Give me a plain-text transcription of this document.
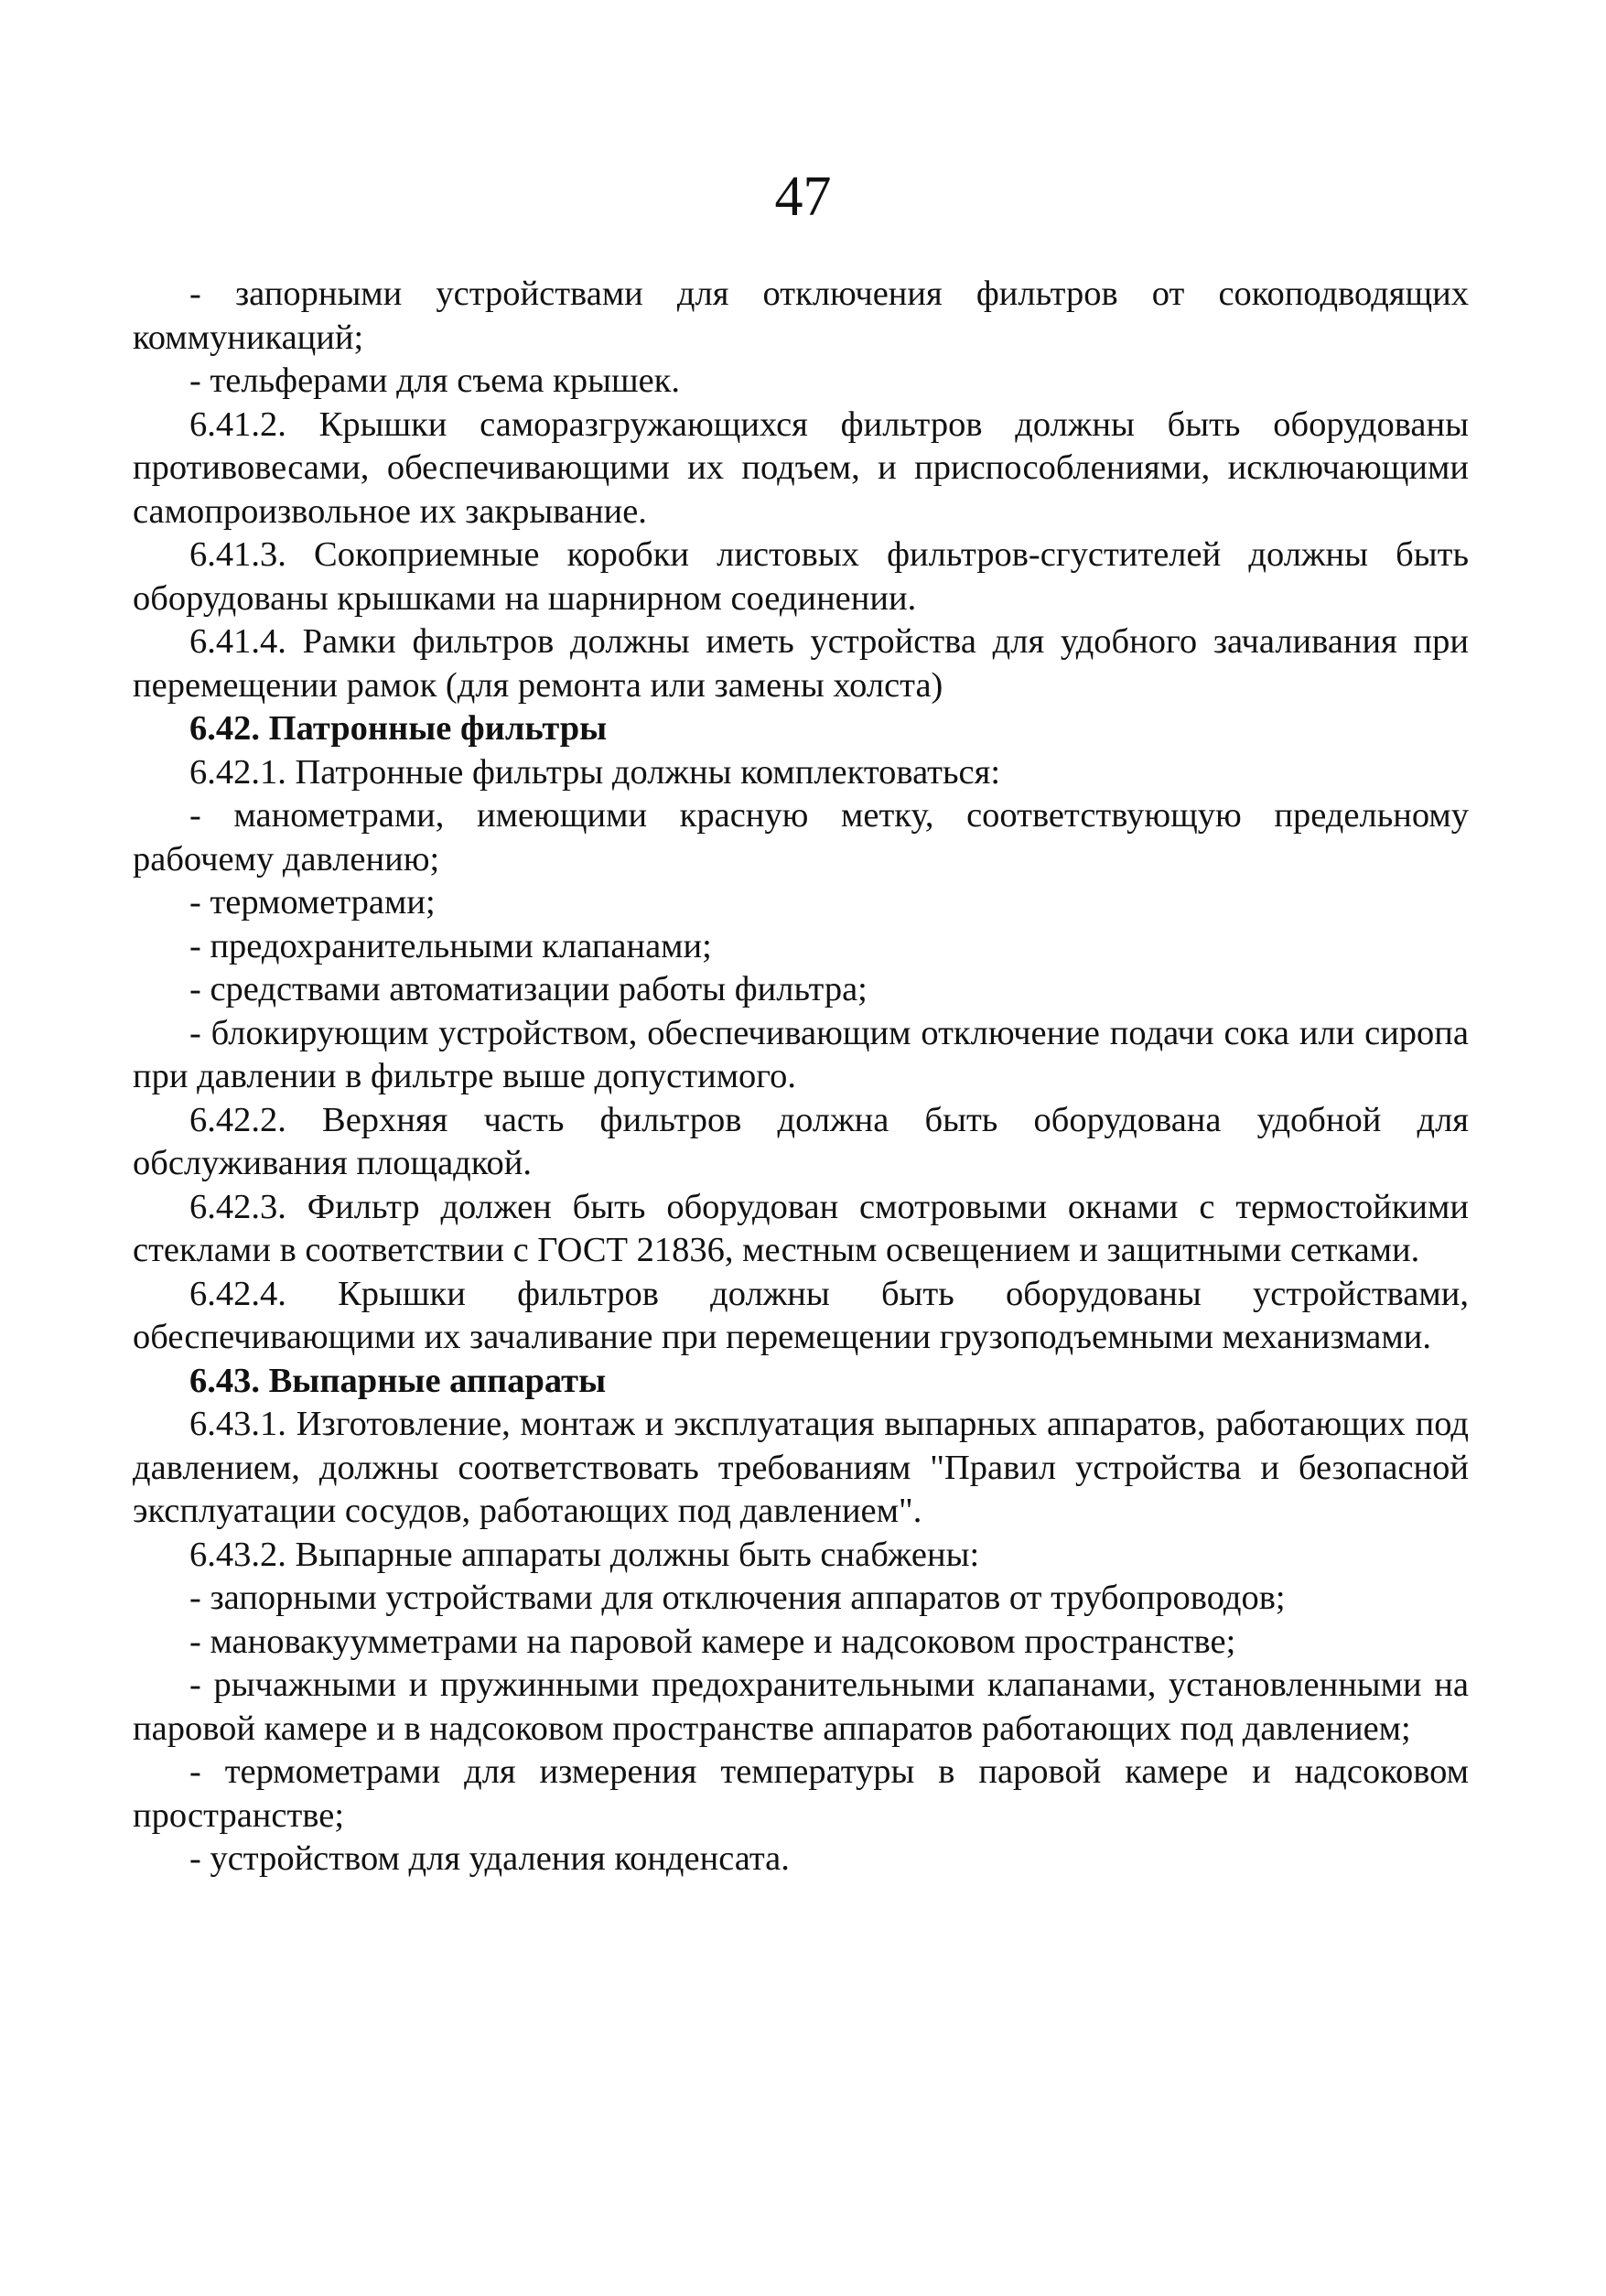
47

- запорными устройствами для отключения фильтров от сокоподводящих коммуникаций;

- тельферами для съема крышек.

6.41.2. Крышки саморазгружающихся фильтров должны быть оборудованы противовесами, обеспечивающими их подъем, и приспособлениями, исключающими самопроизвольное их закрывание.

6.41.3. Сокоприемные коробки листовых фильтров-сгустителей должны быть оборудованы крышками на шарнирном соединении.

6.41.4. Рамки фильтров должны иметь устройства для удобного зачаливания при перемещении рамок (для ремонта или замены холста)

6.42. Патронные фильтры

6.42.1. Патронные фильтры должны комплектоваться:

- манометрами, имеющими красную метку, соответствующую предельному рабочему давлению;

- термометрами;

- предохранительными клапанами;

- средствами автоматизации работы фильтра;

- блокирующим устройством, обеспечивающим отключение подачи сока или сиропа при давлении в фильтре выше допустимого.

6.42.2. Верхняя часть фильтров должна быть оборудована удобной для обслуживания площадкой.

6.42.3. Фильтр должен быть оборудован смотровыми окнами с термостойкими стеклами в соответствии с ГОСТ 21836, местным освещением и защитными сетками.

6.42.4. Крышки фильтров должны быть оборудованы устройствами, обеспечивающими их зачаливание при перемещении грузоподъемными механизмами.

6.43. Выпарные аппараты

6.43.1. Изготовление, монтаж и эксплуатация выпарных аппаратов, работающих под давлением, должны соответствовать требованиям "Правил устройства и безопасной эксплуатации сосудов, работающих под давлением".

6.43.2. Выпарные аппараты должны быть снабжены:

- запорными устройствами для отключения аппаратов от трубопроводов;

- мановакуумметрами на паровой камере и надсоковом пространстве;

- рычажными и пружинными предохранительными клапанами, установленными на паровой камере и в надсоковом пространстве аппаратов работающих под давлением;

- термометрами для измерения температуры в паровой камере и надсоковом пространстве;

- устройством для удаления конденсата.
